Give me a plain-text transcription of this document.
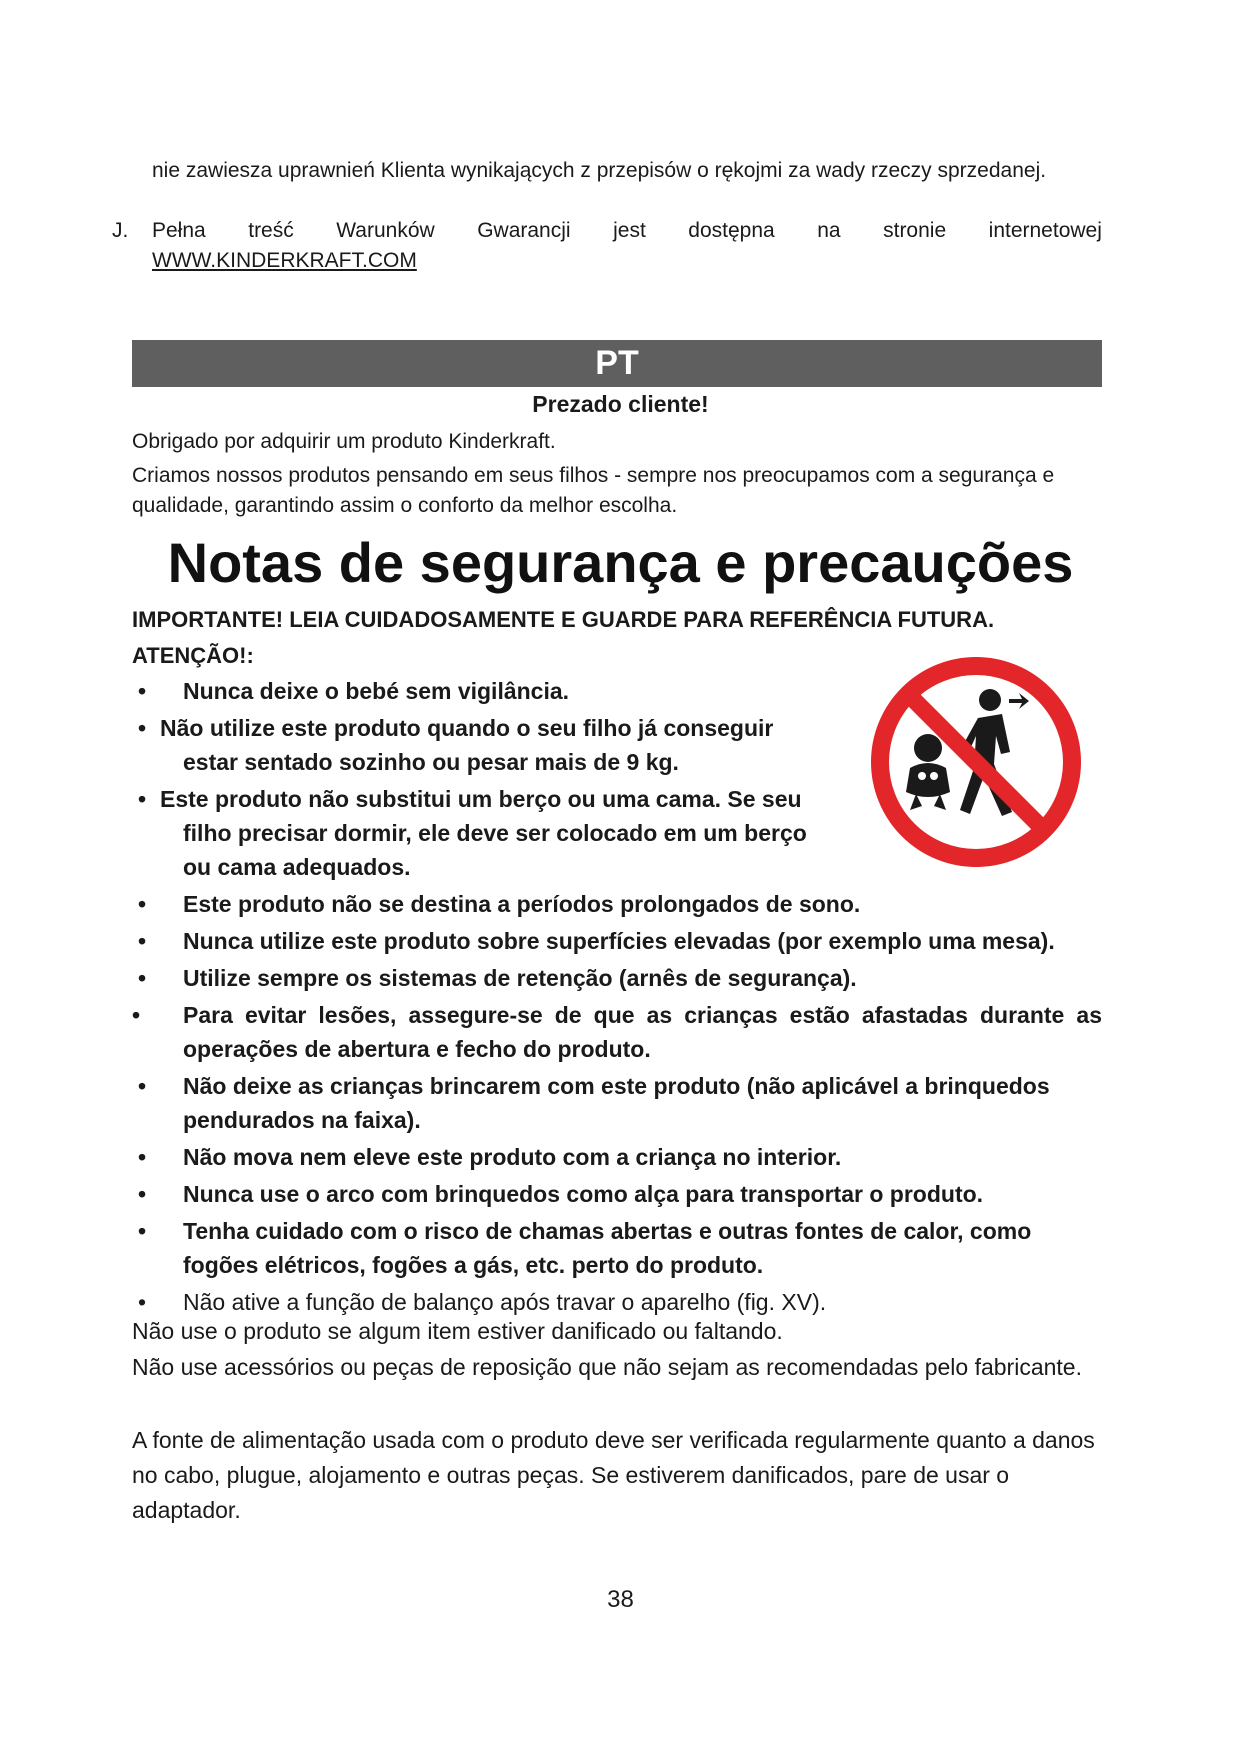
nie zawiesza uprawnień Klienta wynikających z przepisów o rękojmi za wady rzeczy sprzedanej.
J. Pełna treść Warunków Gwarancji jest dostępna na stronie internetowej
WWW.KINDERKRAFT.COM
PT
Prezado cliente!
Obrigado por adquirir um produto Kinderkraft.
Criamos nossos produtos pensando em seus filhos - sempre nos preocupamos com a segurança e qualidade, garantindo assim o conforto da melhor escolha.
Notas de segurança e precauções
IMPORTANTE! LEIA CUIDADOSAMENTE E GUARDE PARA REFERÊNCIA FUTURA.
ATENÇÃO!:
• Nunca deixe o bebé sem vigilância.
• Não utilize este produto quando o seu filho já conseguir
estar sentado sozinho ou pesar mais de 9 kg.
• Este produto não substitui um berço ou uma cama. Se seu
filho precisar dormir, ele deve ser colocado em um berço
ou cama adequados.
• Este produto não se destina a períodos prolongados de sono.
• Nunca utilize este produto sobre superfícies elevadas (por exemplo uma mesa).
• Utilize sempre os sistemas de retenção (arnês de segurança).
•	Para evitar lesões, assegure-se de que as crianças estão afastadas durante as operações de abertura e fecho do produto.
• Não deixe as crianças brincarem com este produto (não aplicável a brinquedos pendurados na faixa).
• Não mova nem eleve este produto com a criança no interior.
• Nunca use o arco com brinquedos como alça para transportar o produto.
• Tenha cuidado com o risco de chamas abertas e outras fontes de calor, como fogões elétricos, fogões a gás, etc. perto do produto.
• Não ative a função de balanço após travar o aparelho (fig. XV).
Não use o produto se algum item estiver danificado ou faltando.
Não use acessórios ou peças de reposição que não sejam as recomendadas pelo fabricante.
A fonte de alimentação usada com o produto deve ser verificada regularmente quanto a danos no cabo, plugue, alojamento e outras peças. Se estiverem danificados, pare de usar o adaptador.
38
